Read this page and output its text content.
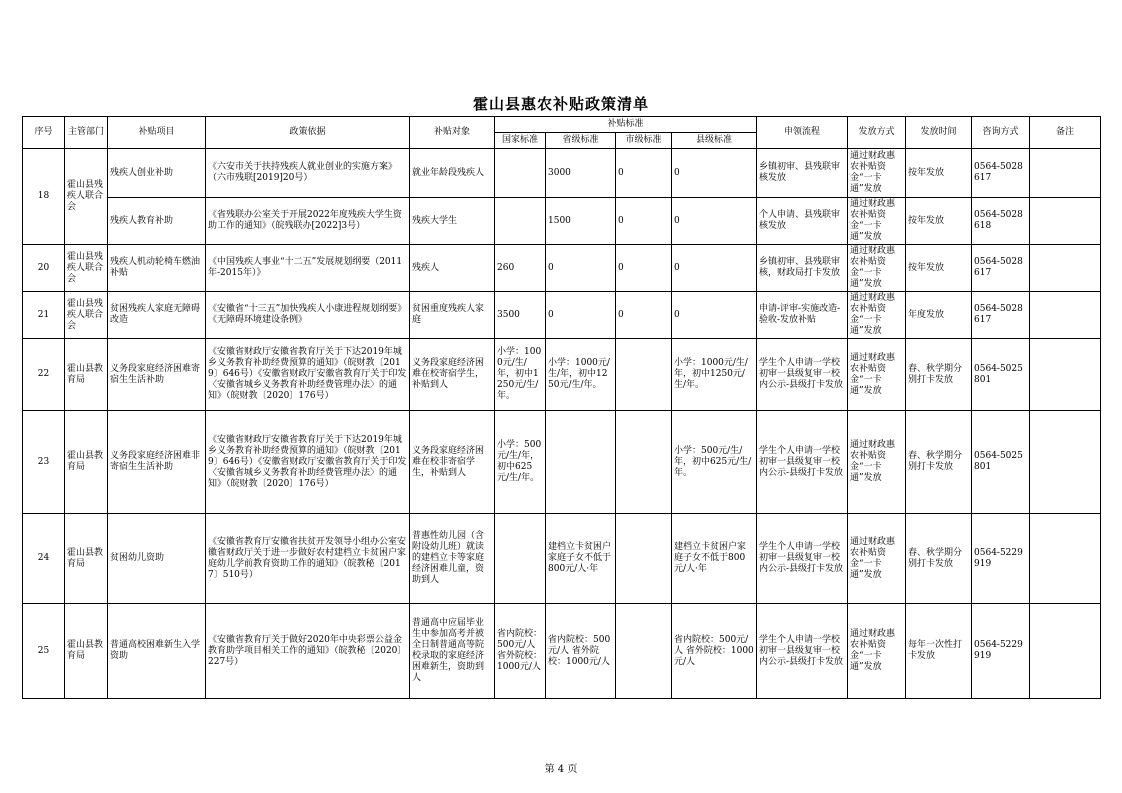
霍山县惠农补贴政策清单
序号	主管部门	补贴项目	政策依据	补贴对象	补贴标准				申领流程	发放方式	发放时间	咨询方式	备注
					国家标准	省级标准	市级标准	县级标准					
18	霍山县残疾人联合会	残疾人创业补助	《六安市关于扶持残疾人就业创业的实施方案》（六市残联[2019]20号）	就业年龄段残疾人		3000	0	0	乡镇初审、县残联审核发放	通过财政惠农补贴资金“一卡通”发放	按年发放	0564-5028617	
		残疾人教育补助	《省残联办公室关于开展2022年度残疾大学生资助工作的通知》（皖残联办[2022]3号）	残疾大学生		1500	0	0	个人申请、县残联审核发放	通过财政惠农补贴资金“一卡通”发放	按年发放	0564-5028618	
20	霍山县残疾人联合会	残疾人机动轮椅车燃油补贴	《中国残疾人事业“十二五”发展规划纲要（2011年-2015年）》	残疾人	260	0	0	0	乡镇初审、县残联审核，财政局打卡发放	通过财政惠农补贴资金“一卡通”发放	按年发放	0564-5028617	
21	霍山县残疾人联合会	贫困残疾人家庭无障碍改造	《安徽省“十三五”加快残疾人小康进程规划纲要》《无障碍环境建设条例》	贫困重度残疾人家庭	3500	0	0	0	申请-评审-实施改造-验收-发放补贴	通过财政惠农补贴资金“一卡通”发放	年度发放	0564-5028617	
22	霍山县教育局	义务段家庭经济困难寄宿生生活补助	《安徽省财政厅安徽省教育厅关于下达2019年城乡义务教育补助经费预算的通知》（皖财教〔2019〕646号）《安徽省财政厅安徽省教育厅关于印发〈安徽省城乡义务教育补助经费管理办法〉的通知》（皖财教〔2020〕176号）	义务段家庭经济困难在校寄宿学生，补贴到人	小学：1000元/生/年，初中1250元/生/年。	小学：1000元/生/年，初中1250元/生/年。		小学：1000元/生/年，初中1250元/生/年。	学生个人申请一学校初审一县级复审一校内公示-县级打卡发放	通过财政惠农补贴资金“一卡通”发放	春、秋学期分别打卡发放	0564-5025801	
23	霍山县教育局	义务段家庭经济困难非寄宿生生活补助	《安徽省财政厅安徽省教育厅关于下达2019年城乡义务教育补助经费预算的通知》（皖财教〔2019〕646号）《安徽省财政厅安徽省教育厅关于印发〈安徽省城乡义务教育补助经费管理办法〉的通知》（皖财教〔2020〕176号）	义务段家庭经济困难在校非寄宿学生，补贴到人	小学：500元/生/年，初中625元/生/年。			小学：500元/生/年，初中625元/生/年。	学生个人申请一学校初审一县级复审一校内公示-县级打卡发放	通过财政惠农补贴资金“一卡通”发放	春、秋学期分别打卡发放	0564-5025801	
24	霍山县教育局	贫困幼儿资助	《安徽省教育厅安徽省扶贫开发领导小组办公室安徽省财政厅关于进一步做好农村建档立卡贫困户家庭幼儿学前教育资助工作的通知》（皖教秘〔2017〕510号）	普惠性幼儿园（含附设幼儿班）就读的建档立卡等家庭经济困难儿童，资助到人		建档立卡贫困户家庭子女不低于800元/人·年		建档立卡贫困户家庭子女不低于800元/人·年	学生个人申请一学校初审一县级复审一校内公示-县级打卡发放	通过财政惠农补贴资金“一卡通”发放	春、秋学期分别打卡发放	0564-5229919	
25	霍山县教育局	普通高校困难新生入学资助	《安徽省教育厅关于做好2020年中央彩票公益金教育助学项目相关工作的通知》（皖教秘〔2020〕227号）	普通高中应届毕业生中参加高考并被全日制普通高等院校录取的家庭经济困难新生，资助到人	省内院校：500元/人 省外院校：1000元/人	省内院校：500元/人 省外院校：1000元/人		省内院校：500元/人 省外院校：1000元/人	学生个人申请一学校初审一县级复审一校内公示-县级打卡发放	通过财政惠农补贴资金“一卡通”发放	每年一次性打卡发放	0564-5229919	
第 4 页
